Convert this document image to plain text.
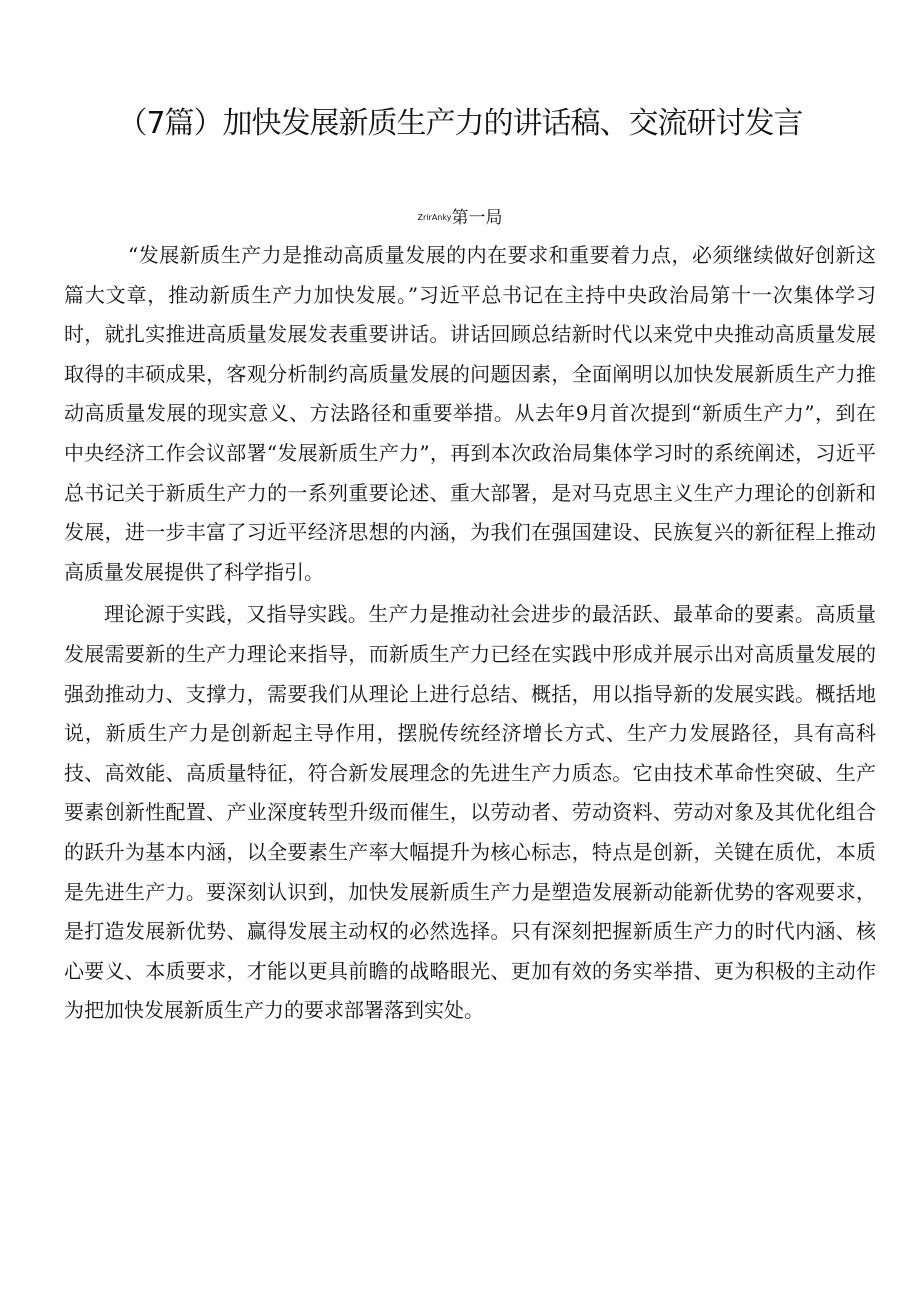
（7篇）加快发展新质生产力的讲话稿、交流研讨发言
ZrirAnky第一局

“发展新质生产力是推动高质量发展的内在要求和重要着力点，必须继续做好创新这篇大文章，推动新质生产力加快发展。”习近平总书记在主持中央政治局第十一次集体学习时，就扎实推进高质量发展发表重要讲话。讲话回顾总结新时代以来党中央推动高质量发展取得的丰硕成果，客观分析制约高质量发展的问题因素，全面阐明以加快发展新质生产力推动高质量发展的现实意义、方法路径和重要举措。从去年9月首次提到“新质生产力”，到在中央经济工作会议部署“发展新质生产力”，再到本次政治局集体学习时的系统阐述，习近平总书记关于新质生产力的一系列重要论述、重大部署，是对马克思主义生产力理论的创新和发展，进一步丰富了习近平经济思想的内涵，为我们在强国建设、民族复兴的新征程上推动高质量发展提供了科学指引。

理论源于实践，又指导实践。生产力是推动社会进步的最活跃、最革命的要素。高质量发展需要新的生产力理论来指导，而新质生产力已经在实践中形成并展示出对高质量发展的强劲推动力、支撑力，需要我们从理论上进行总结、概括，用以指导新的发展实践。概括地说，新质生产力是创新起主导作用，摆脱传统经济增长方式、生产力发展路径，具有高科技、高效能、高质量特征，符合新发展理念的先进生产力质态。它由技术革命性突破、生产要素创新性配置、产业深度转型升级而催生，以劳动者、劳动资料、劳动对象及其优化组合的跃升为基本内涵，以全要素生产率大幅提升为核心标志，特点是创新，关键在质优，本质是先进生产力。要深刻认识到，加快发展新质生产力是塑造发展新动能新优势的客观要求，是打造发展新优势、赢得发展主动权的必然选择。只有深刻把握新质生产力的时代内涵、核心要义、本质要求，才能以更具前瞻的战略眼光、更加有效的务实举措、更为积极的主动作为把加快发展新质生产力的要求部署落到实处。
